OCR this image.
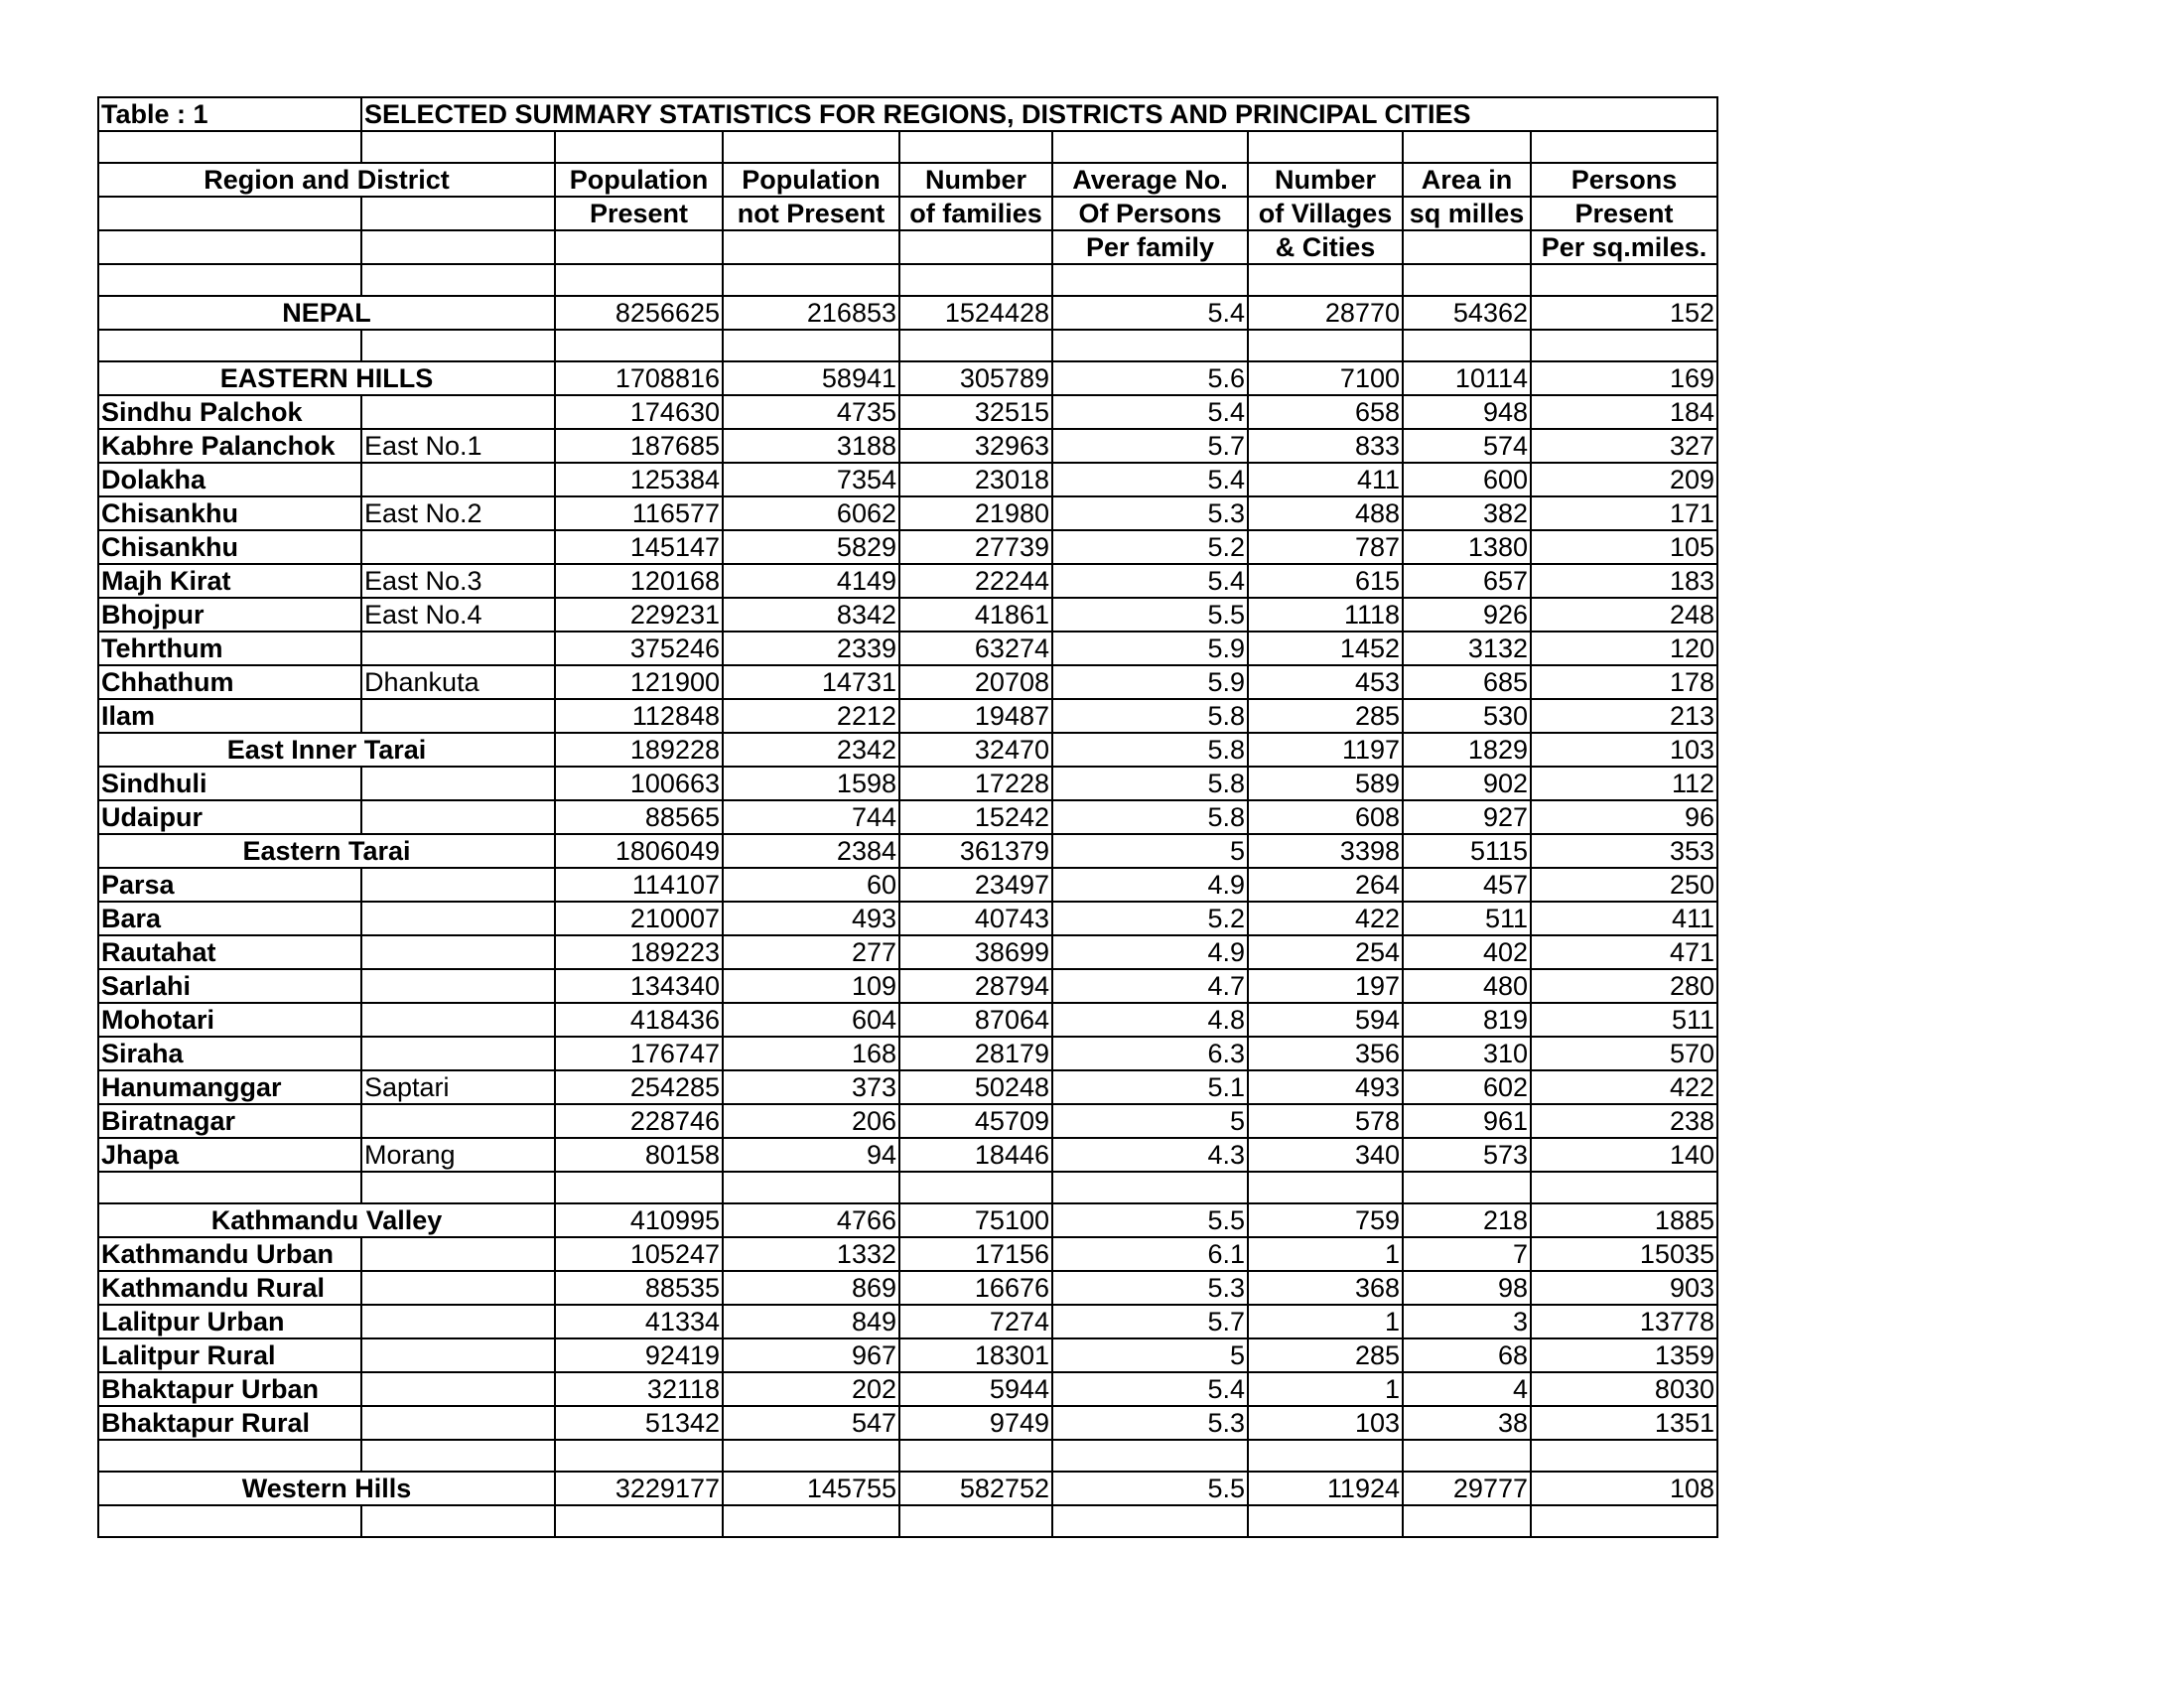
Table : 1	SELECTED SUMMARY STATISTICS FOR REGIONS, DISTRICTS AND PRINCIPAL CITIES							

Region and District		Population	Population	Number	Average No.	Number	Area in	Persons
		Present	not Present	of families	Of Persons	of Villages	sq milles	Present
					Per family	& Cities		Per sq.miles.

NEPAL		8256625	216853	1524428	5.4	28770	54362	152

EASTERN HILLS		1708816	58941	305789	5.6	7100	10114	169
Sindhu Palchok		174630	4735	32515	5.4	658	948	184
Kabhre Palanchok	East No.1	187685	3188	32963	5.7	833	574	327
Dolakha		125384	7354	23018	5.4	411	600	209
Chisankhu	East No.2	116577	6062	21980	5.3	488	382	171
Chisankhu		145147	5829	27739	5.2	787	1380	105
Majh Kirat	East No.3	120168	4149	22244	5.4	615	657	183
Bhojpur	East No.4	229231	8342	41861	5.5	1118	926	248
Tehrthum		375246	2339	63274	5.9	1452	3132	120
Chhathum	Dhankuta	121900	14731	20708	5.9	453	685	178
Ilam		112848	2212	19487	5.8	285	530	213
East Inner Tarai		189228	2342	32470	5.8	1197	1829	103
Sindhuli		100663	1598	17228	5.8	589	902	112
Udaipur		88565	744	15242	5.8	608	927	96
Eastern Tarai		1806049	2384	361379	5	3398	5115	353
Parsa		114107	60	23497	4.9	264	457	250
Bara		210007	493	40743	5.2	422	511	411
Rautahat		189223	277	38699	4.9	254	402	471
Sarlahi		134340	109	28794	4.7	197	480	280
Mohotari		418436	604	87064	4.8	594	819	511
Siraha		176747	168	28179	6.3	356	310	570
Hanumanggar	Saptari	254285	373	50248	5.1	493	602	422
Biratnagar		228746	206	45709	5	578	961	238
Jhapa	Morang	80158	94	18446	4.3	340	573	140

Kathmandu Valley		410995	4766	75100	5.5	759	218	1885
Kathmandu Urban		105247	1332	17156	6.1	1	7	15035
Kathmandu Rural		88535	869	16676	5.3	368	98	903
Lalitpur Urban		41334	849	7274	5.7	1	3	13778
Lalitpur Rural		92419	967	18301	5	285	68	1359
Bhaktapur Urban		32118	202	5944	5.4	1	4	8030
Bhaktapur Rural		51342	547	9749	5.3	103	38	1351

Western Hills		3229177	145755	582752	5.5	11924	29777	108
